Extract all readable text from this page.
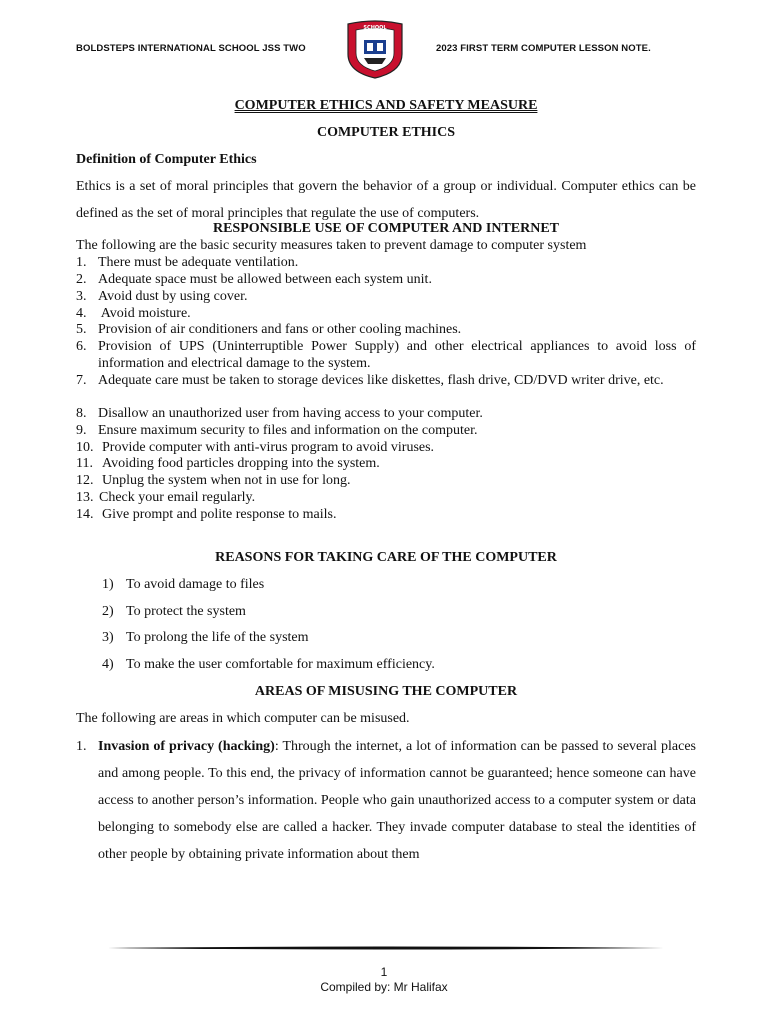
BOLDSTEPS INTERNATIONAL SCHOOL JSS TWO	2023 FIRST TERM COMPUTER LESSON NOTE.
SCHOOL
COMPUTER ETHICS AND SAFETY MEASURE
COMPUTER ETHICS
Definition of Computer Ethics

Ethics is a set of moral principles that govern the behavior of a group or individual. Computer ethics can be defined as the set of moral principles that regulate the use of computers.

RESPONSIBLE USE OF COMPUTER AND INTERNET
The following are the basic security measures taken to prevent damage to computer system
1. There must be adequate ventilation.
2. Adequate space must be allowed between each system unit.
3. Avoid dust by using cover.
4. Avoid moisture.
5. Provision of air conditioners and fans or other cooling machines.
6. Provision of UPS (Uninterruptible Power Supply) and other electrical appliances to avoid loss of information and electrical damage to the system.
7. Adequate care must be taken to storage devices like diskettes, flash drive, CD/DVD writer drive, etc.
8. Disallow an unauthorized user from having access to your computer.
9. Ensure maximum security to files and information on the computer.
10. Provide computer with anti-virus program to avoid viruses.
11. Avoiding food particles dropping into the system.
12. Unplug the system when not in use for long.
13. Check your email regularly.
14. Give prompt and polite response to mails.
REASONS FOR TAKING CARE OF THE COMPUTER
1) To avoid damage to files
2) To protect the system
3) To prolong the life of the system
4) To make the user comfortable for maximum efficiency.
AREAS OF MISUSING THE COMPUTER
The following are areas in which computer can be misused.
1. Invasion of privacy (hacking): Through the internet, a lot of information can be passed to several places and among people. To this end, the privacy of information cannot be guaranteed; hence someone can have access to another person’s information. People who gain unauthorized access to a computer system or data belonging to somebody else are called a hacker. They invade computer database to steal the identities of other people by obtaining private information about them
1
Compiled by: Mr Halifax
